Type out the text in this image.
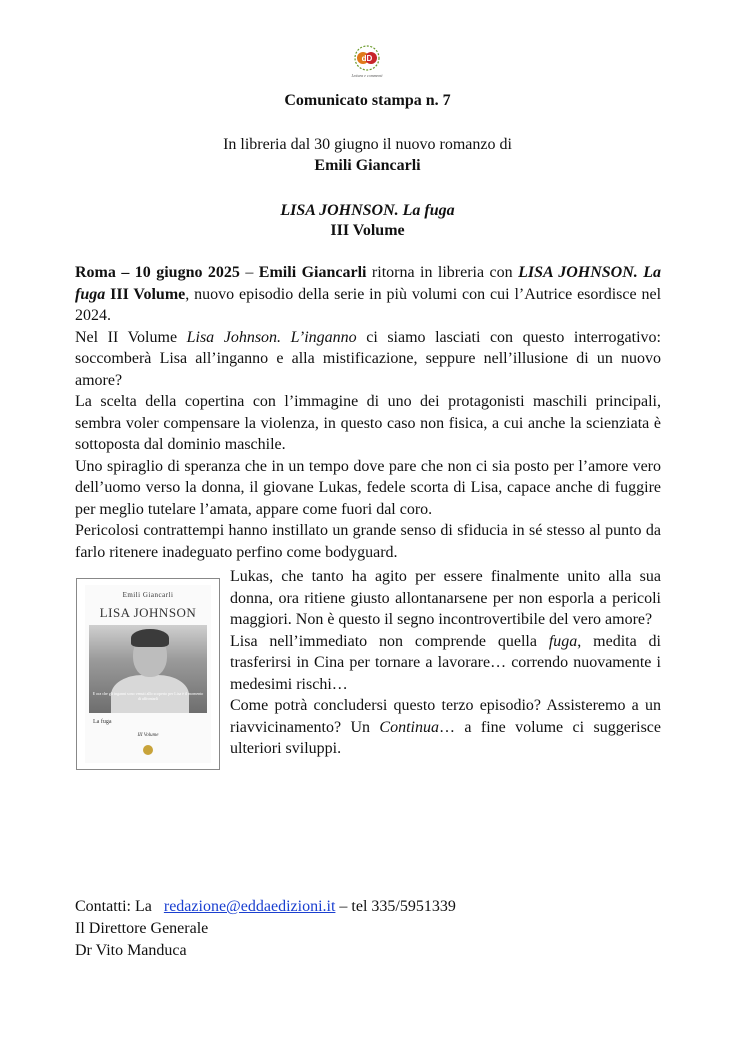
dD
Lettura e commenti
Comunicato stampa n. 7
In libreria dal 30 giugno il nuovo romanzo di
Emili Giancarli
LISA JOHNSON. La fuga
III Volume

Roma – 10 giugno 2025 – Emili Giancarli ritorna in libreria con LISA JOHNSON. La fuga III Volume, nuovo episodio della serie in più volumi con cui l’Autrice esordisce nel 2024.

Nel II Volume Lisa Johnson. L’inganno ci siamo lasciati con questo interrogativo: soccomberà Lisa all’inganno e alla mistificazione, seppure nell’illusione di un nuovo amore?

La scelta della copertina con l’immagine di uno dei protagonisti maschili principali, sembra voler compensare la violenza, in questo caso non fisica, a cui anche la scienziata è sottoposta dal dominio maschile.

Uno spiraglio di speranza che in un tempo dove pare che non ci sia posto per l’amore vero dell’uomo verso la donna, il giovane Lukas, fedele scorta di Lisa, capace anche di fuggire per meglio tutelare l’amata, appare come fuori dal coro.

Pericolosi contrattempi hanno instillato un grande senso di sfiducia in sé stesso al punto da farlo ritenere inadeguato perfino come bodyguard.

Emili Giancarli
LISA JOHNSON
E ora che gli inganni sono venuti allo scoperto per Lisa è il momento di affrontarli
La fuga
III Volume

Lukas, che tanto ha agito per essere finalmente unito alla sua donna, ora ritiene giusto allontanarsene per non esporla a pericoli maggiori. Non è questo il segno incontrovertibile del vero amore?

Lisa nell’immediato non comprende quella fuga, medita di trasferirsi in Cina per tornare a lavorare… correndo nuovamente i medesimi rischi…

Come potrà concludersi questo terzo episodio? Assisteremo a un riavvicinamento? Un Continua… a fine volume ci suggerisce ulteriori sviluppi.

Contatti: La redazione@eddaedizioni.it – tel 335/5951339
Il Direttore Generale
Dr Vito Manduca
